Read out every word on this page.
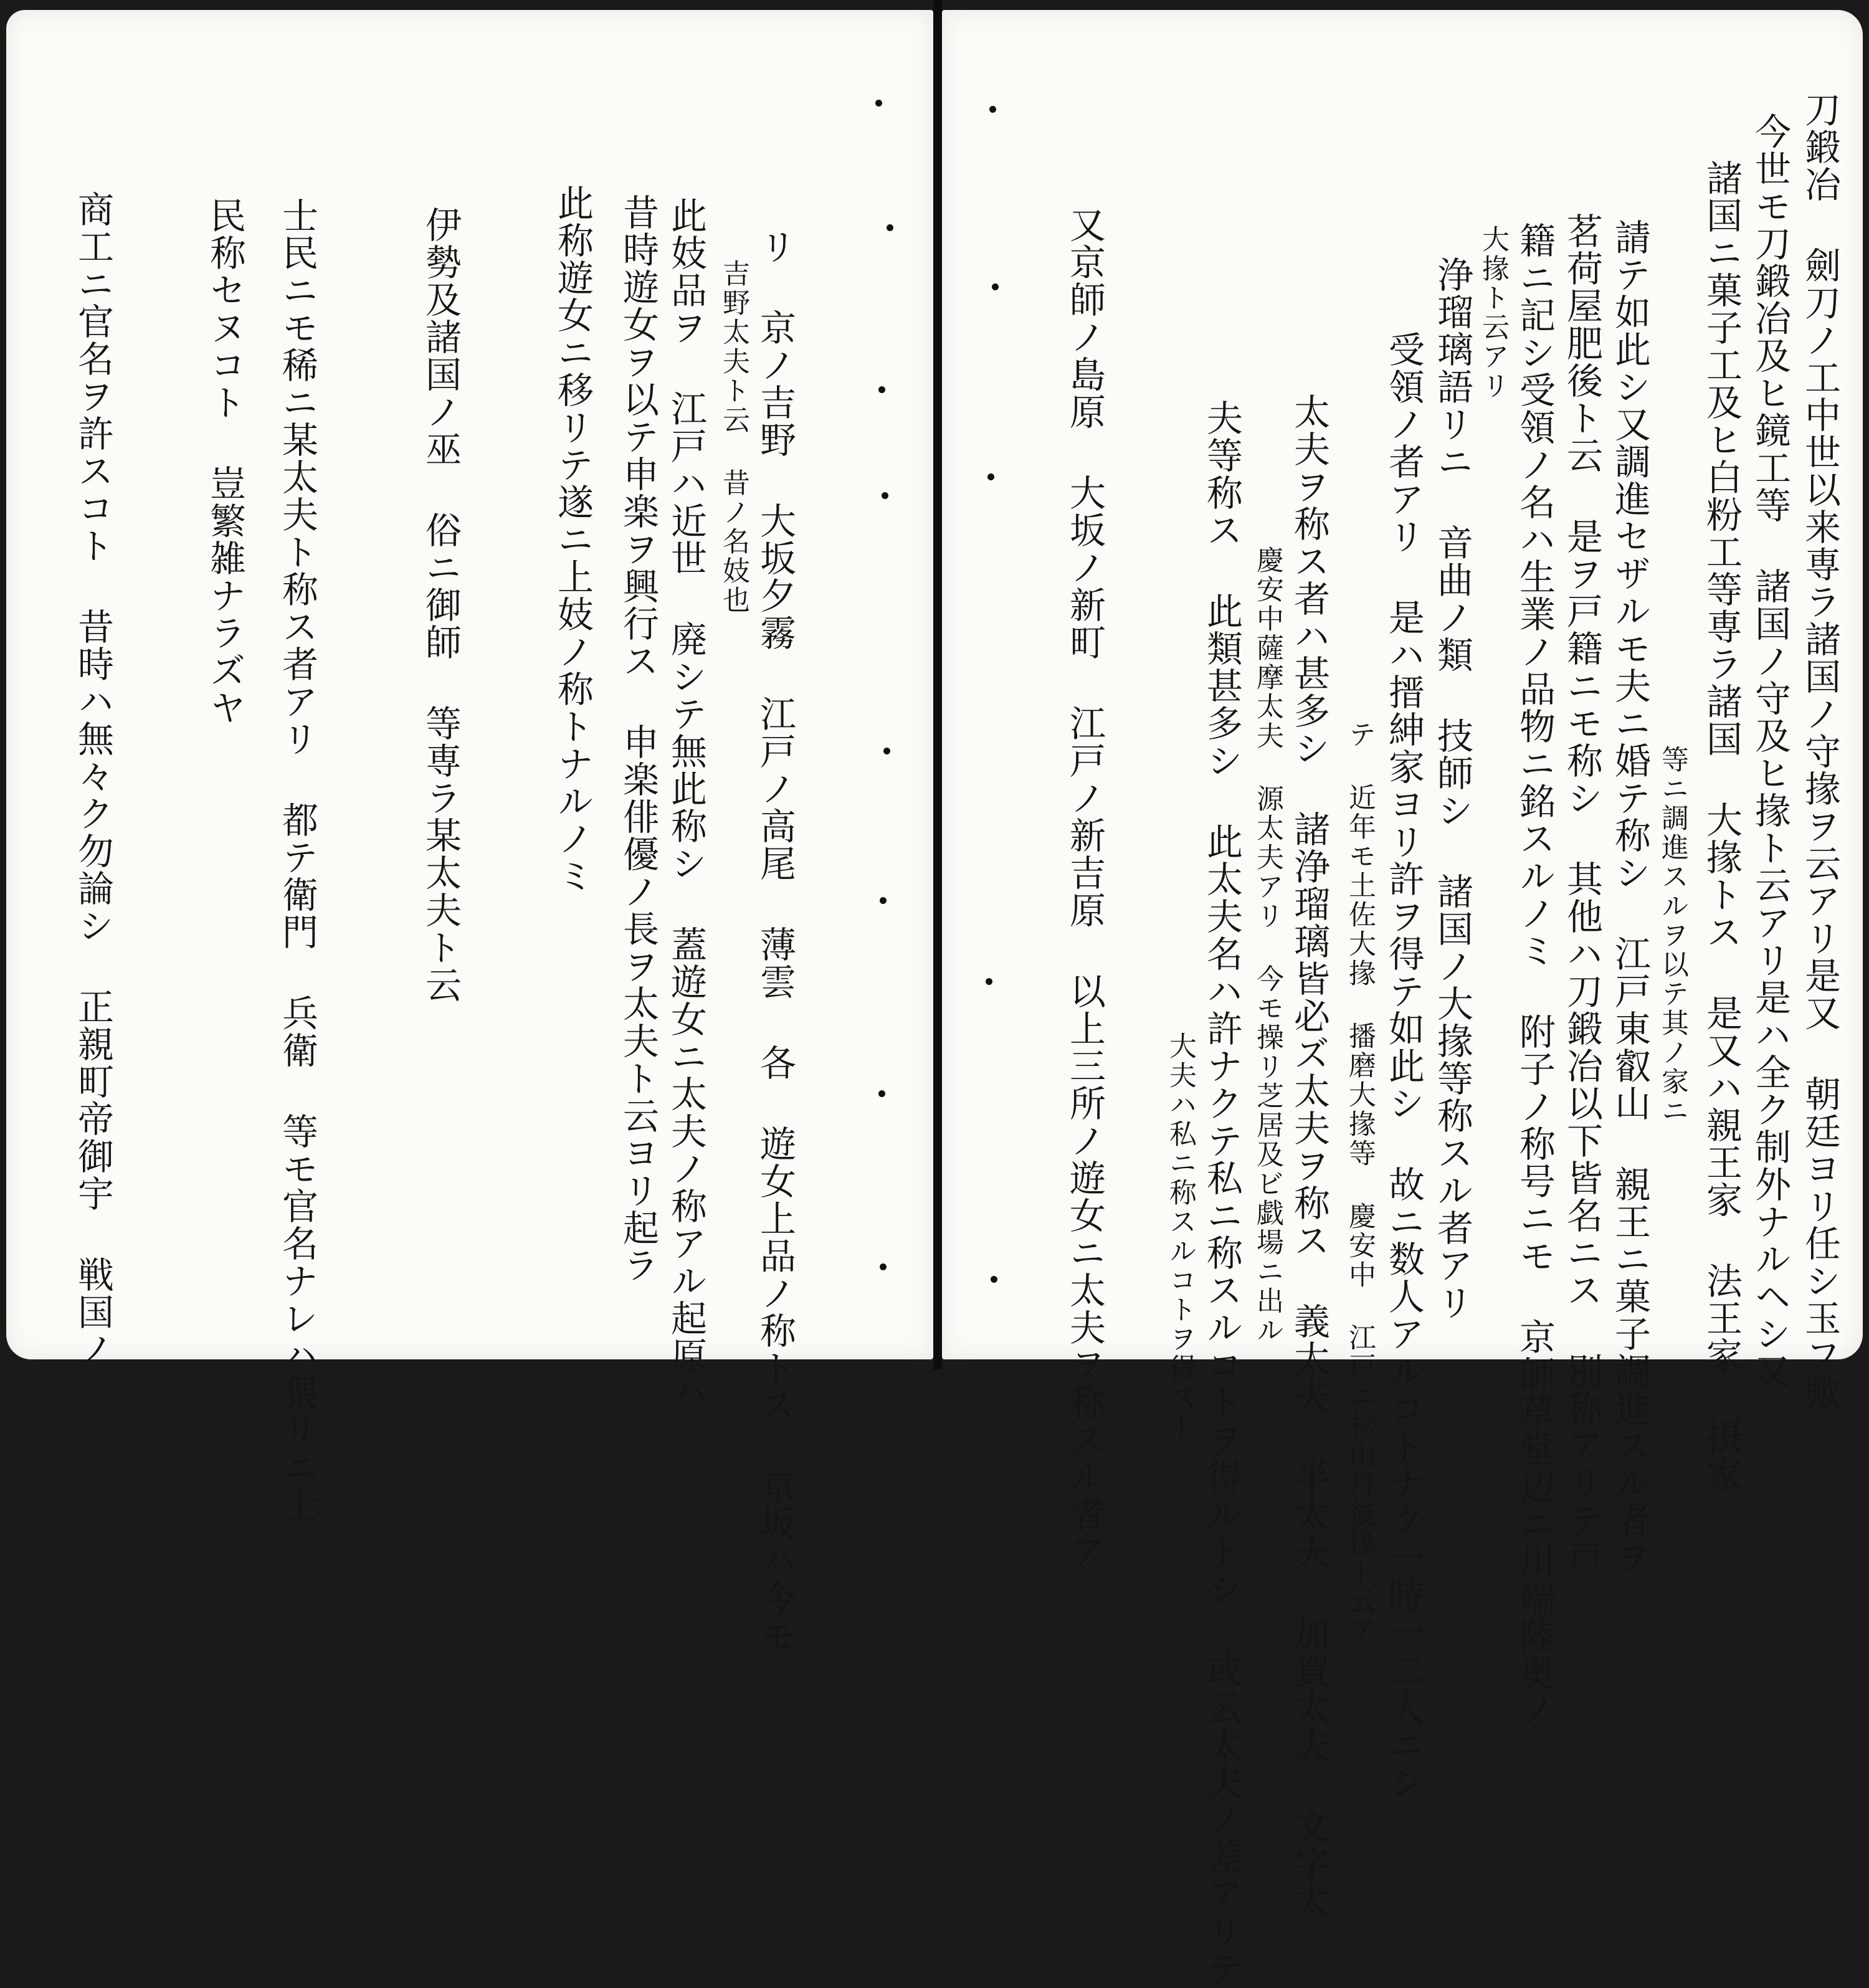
刀鍛冶 劍刀ノ工中世以来専ラ諸国ノ守掾ヲ云アリ是又 朝廷ヨリ任シ玉フ歟
今世モ刀鍛冶及ヒ鏡工等 諸国ノ守及ヒ掾ト云アリ是ハ全ク制外ナルヘシ又
諸国ニ菓子工及ヒ白粉工等専ラ諸国 大掾トス 是又ハ親王家 法王家 摂家
等ニ調進スルヲ以テ其ノ家ニ
請テ如此シ又調進セザルモ夫ニ婚テ称シ 江戸東叡山 親王ニ菓子調進スル者ヲ
茗荷屋肥後ト云 是ヲ戸籍ニモ称シ 其他ハ刀鍛冶以下皆名ニス 別称アリテ戸
籍ニ記シ受領ノ名ハ生業ノ品物ニ銘スルノミ 附子ノ称号ニモ 京師草堂辺ニ川端陸奥ノ
大掾ト云アリ
浄瑠璃語リニ 音曲ノ類 技師シ 諸国ノ大掾等称スル者アリ
受領ノ者アリ 是ハ搢紳家ヨリ許ヲ得テ如此シ 故ニ数人アルコトナク一時一二人ニシ
テ 近年モ土佐大掾 播磨大掾等 慶安中 江戸ニ杉山丹後掾ト云ア
太夫ヲ称ス者ハ甚多シ 諸浄瑠璃皆必ズ太夫ヲ称ス 義太夫 半太夫 加賀太夫 文字太
慶安中薩摩太夫 源太夫アリ 今モ操リ芝居及ビ戯場ニ出ル
夫等称ス 此類甚多シ 此太夫名ハ許ナクテ私ニ称スルコトヲ得ルトシ 或云太夫ノ差アリテ
大夫ハ私ニ称スルコトヲ得ズト
又京師ノ島原 大坂ノ新町 江戸ノ新吉原 以上三所ノ遊女ニ太夫ヲ称スル者ア
リ 京ノ吉野 大坂夕霧 江戸ノ高尾 薄雲 各 遊女上品ノ称トス 京坂ハ今モ
吉野太夫ト云 昔ノ名妓也
此妓品ヲ 江戸ハ近世 廃シテ無此称シ 蓋遊女ニ太夫ノ称アル起原ハ
昔時遊女ヲ以テ申楽ヲ興行ス 申楽俳優ノ長ヲ太夫ト云ヨリ起ラ
此称遊女ニ移リテ遂ニ上妓ノ称トナルノミ
伊勢及諸国ノ巫 俗ニ御師 等専ラ某太夫ト云
士民ニモ稀ニ某太夫ト称ス者アリ 都テ衛門 兵衛 等モ官名ナレハ猥リニ士
民称セヌコト 豈繁雑ナラズヤ
商工ニ官名ヲ許スコト 昔時ハ無々ク勿論シ 正親町帝御宇 戦国ノ
